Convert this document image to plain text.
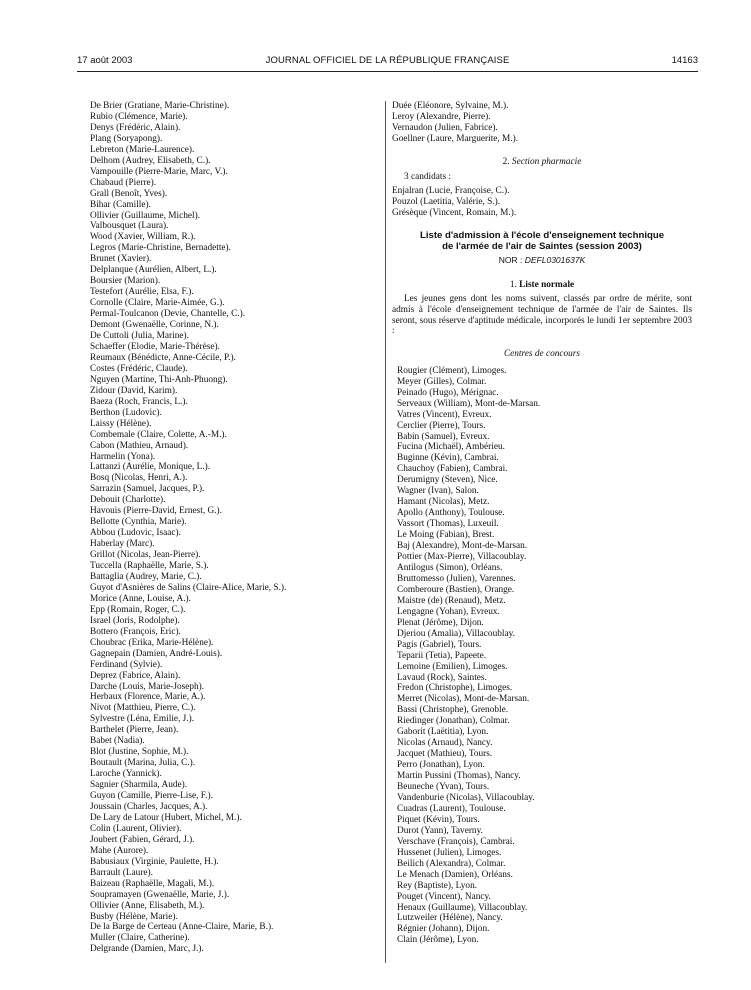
17 août 2003	JOURNAL OFFICIEL DE LA RÉPUBLIQUE FRANÇAISE	14163
De Brier (Gratiane, Marie-Christine).
Rubio (Clémence, Marie).
Denys (Frédéric, Alain).
Plang (Soryapong).
Lebreton (Marie-Laurence).
Delhom (Audrey, Elisabeth, C.).
Vampouille (Pierre-Marie, Marc, V.).
Chabaud (Pierre).
Grall (Benoît, Yves).
Bihar (Camille).
Ollivier (Guillaume, Michel).
Valbousquet (Laura).
Wood (Xavier, William, R.).
Legros (Marie-Christine, Bernadette).
Brunet (Xavier).
Delplanque (Aurélien, Albert, L.).
Boursier (Marion).
Testefort (Aurélie, Elsa, F.).
Cornolle (Claire, Marie-Aimée, G.).
Permal-Toulcanon (Devie, Chantelle, C.).
Demont (Gwenaëlle, Corinne, N.).
De Cuttoli (Julia, Marine).
Schaeffer (Elodie, Marie-Thérèse).
Reumaux (Bénédicte, Anne-Cécile, P.).
Costes (Frédéric, Claude).
Nguyen (Martine, Thi-Anh-Phuong).
Zidour (David, Karim).
Baeza (Roch, Francis, L.).
Berthon (Ludovic).
Laissy (Hélène).
Combemale (Claire, Colette, A.-M.).
Cabon (Mathieu, Arnaud).
Harmelin (Yona).
Lattanzi (Aurélie, Monique, L.).
Bosq (Nicolas, Henri, A.).
Sarrazin (Samuel, Jacques, P.).
Debouit (Charlotte).
Havouis (Pierre-David, Ernest, G.).
Bellotte (Cynthia, Marie).
Abbou (Ludovic, Isaac).
Haberlay (Marc).
Grillot (Nicolas, Jean-Pierre).
Tuccella (Raphaëlle, Marie, S.).
Battaglia (Audrey, Marie, C.).
Guyot d'Asnières de Salins (Claire-Alice, Marie, S.).
Morice (Anne, Louise, A.).
Epp (Romain, Roger, C.).
Israel (Joris, Rodolphe).
Bottero (François, Eric).
Choubrac (Erika, Marie-Hélène).
Gagnepain (Damien, André-Louis).
Ferdinand (Sylvie).
Deprez (Fabrice, Alain).
Darche (Louis, Marie-Joseph).
Herbaux (Florence, Marie, A.).
Nivot (Matthieu, Pierre, C.).
Sylvestre (Léna, Emilie, J.).
Barthelet (Pierre, Jean).
Babet (Nadia).
Blot (Justine, Sophie, M.).
Boutault (Marina, Julia, C.).
Laroche (Yannick).
Sagnier (Sharmila, Aude).
Guyon (Camille, Pierre-Lise, F.).
Joussain (Charles, Jacques, A.).
De Lary de Latour (Hubert, Michel, M.).
Colin (Laurent, Olivier).
Joubert (Fabien, Gérard, J.).
Mahe (Aurore).
Babusiaux (Virginie, Paulette, H.).
Barrault (Laure).
Baizeau (Raphaëlle, Magali, M.).
Soupramayen (Gwenaëlle, Marie, J.).
Ollivier (Anne, Elisabeth, M.).
Busby (Hélène, Marie).
De la Barge de Certeau (Anne-Claire, Marie, B.).
Muller (Claire, Catherine).
Delgrande (Damien, Marc, J.).
Duée (Eléonore, Sylvaine, M.).
Leroy (Alexandre, Pierre).
Vernaudon (Julien, Fabrice).
Goellner (Laure, Marguerite, M.).
2. Section pharmacie
3 candidats :
Enjalran (Lucie, Françoise, C.).
Pouzol (Laetitia, Valérie, S.).
Grésèque (Vincent, Romain, M.).
Liste d'admission à l'école d'enseignement technique
de l'armée de l'air de Saintes (session 2003)
NOR : DEFL0301637K
1. Liste normale
Les jeunes gens dont les noms suivent, classés par ordre de mérite, sont admis à l'école d'enseignement technique de l'armée de l'air de Saintes. Ils seront, sous réserve d'aptitude médicale, incorporés le lundi 1er septembre 2003 :
Centres de concours
Rougier (Clément), Limoges.
Meyer (Gilles), Colmar.
Peinado (Hugo), Mérignac.
Serveaux (William), Mont-de-Marsan.
Vatres (Vincent), Evreux.
Cerclier (Pierre), Tours.
Babin (Samuel), Evreux.
Fucina (Michaël), Ambérieu.
Buginne (Kévin), Cambrai.
Chauchoy (Fabien), Cambrai.
Derumigny (Steven), Nice.
Wagner (Ivan), Salon.
Hamant (Nicolas), Metz.
Apollo (Anthony), Toulouse.
Vassort (Thomas), Luxeuil.
Le Moing (Fabian), Brest.
Baj (Alexandre), Mont-de-Marsan.
Pottier (Max-Pierre), Villacoublay.
Antilogus (Simon), Orléans.
Bruttomesso (Julien), Varennes.
Comberoure (Bastien), Orange.
Maistre (de) (Renaud), Metz.
Lengagne (Yohan), Evreux.
Plenat (Jérôme), Dijon.
Djeriou (Amalia), Villacoublay.
Pagis (Gabriel), Tours.
Teparii (Tetia), Papeete.
Lemoine (Emilien), Limoges.
Lavaud (Rock), Saintes.
Fredon (Christophe), Limoges.
Merret (Nicolas), Mont-de-Marsan.
Bassi (Christophe), Grenoble.
Riedinger (Jonathan), Colmar.
Gaborit (Laëtitia), Lyon.
Nicolas (Arnaud), Nancy.
Jacquet (Mathieu), Tours.
Perro (Jonathan), Lyon.
Martin Pussini (Thomas), Nancy.
Beuneche (Yvan), Tours.
Vandenburie (Nicolas), Villacoublay.
Cuadras (Laurent), Toulouse.
Piquet (Kévin), Tours.
Durot (Yann), Taverny.
Verschave (François), Cambrai.
Hussenet (Julien), Limoges.
Beilich (Alexandra), Colmar.
Le Menach (Damien), Orléans.
Rey (Baptiste), Lyon.
Pouget (Vincent), Nancy.
Henaux (Guillaume), Villacoublay.
Lutzweiler (Hélène), Nancy.
Régnier (Johann), Dijon.
Clain (Jérôme), Lyon.
